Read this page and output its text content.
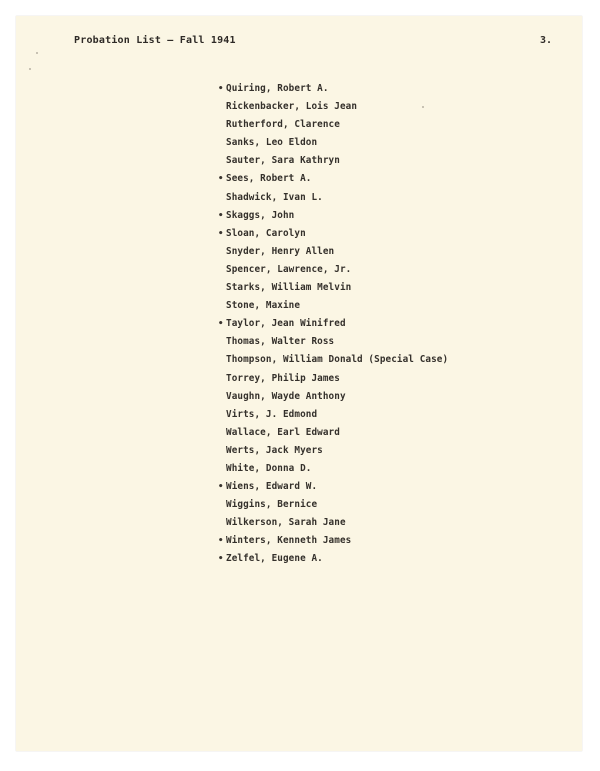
Probation List — Fall 1941	3.
• Quiring, Robert A.
Rickenbacker, Lois Jean
Rutherford, Clarence
Sanks, Leo Eldon
Sauter, Sara Kathryn
• Sees, Robert A.
Shadwick, Ivan L.
• Skaggs, John
• Sloan, Carolyn
Snyder, Henry Allen
Spencer, Lawrence, Jr.
Starks, William Melvin
Stone, Maxine
• Taylor, Jean Winifred
Thomas, Walter Ross
Thompson, William Donald (Special Case)
Torrey, Philip James
Vaughn, Wayde Anthony
Virts, J. Edmond
Wallace, Earl Edward
Werts, Jack Myers
White, Donna D.
• Wiens, Edward W.
Wiggins, Bernice
Wilkerson, Sarah Jane
• Winters, Kenneth James
• Zelfel, Eugene A.
